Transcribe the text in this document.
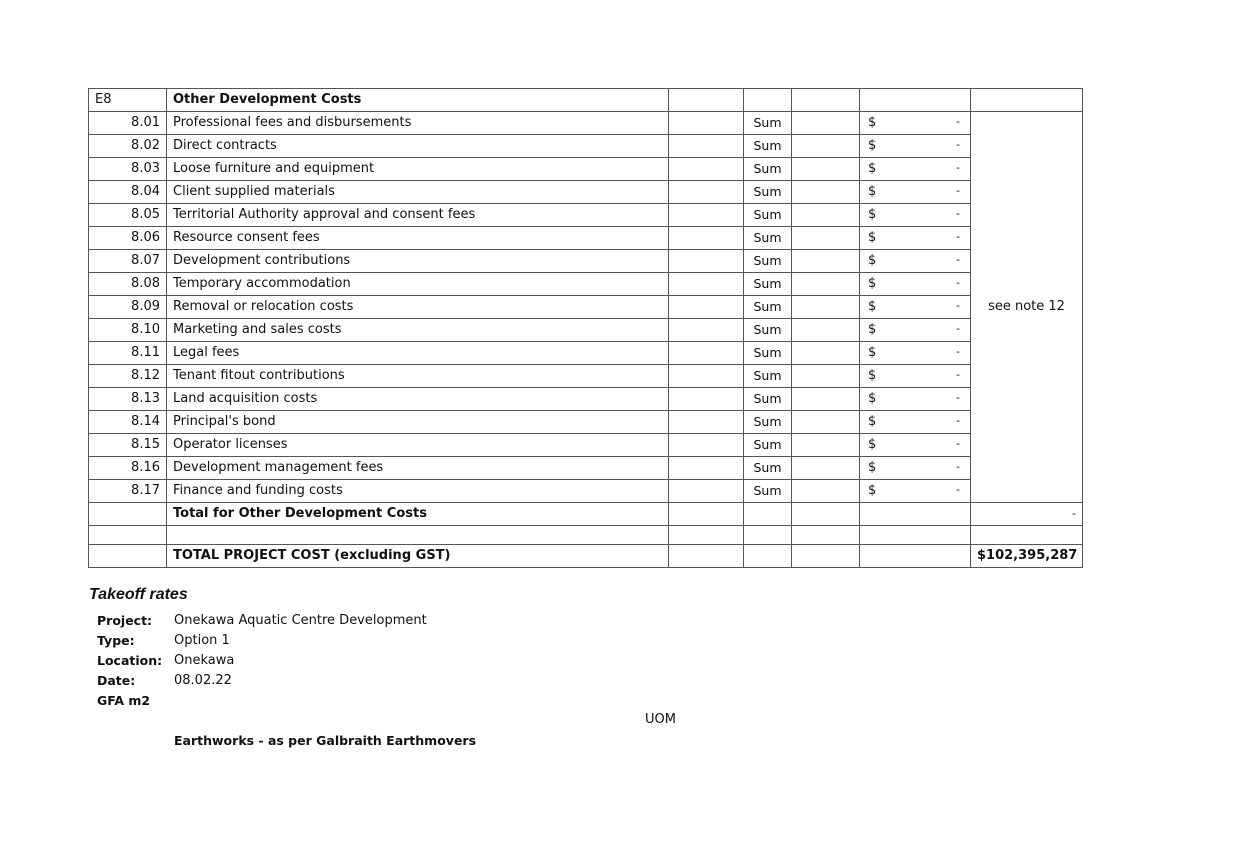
E8	Other Development Costs					
8.01	Professional fees and disbursements		Sum		$ -	see note 12
8.02	Direct contracts		Sum		$ -	

8.03	Loose furniture and equipment		Sum		$ -	

8.04	Client supplied materials		Sum		$ -	

8.05	Territorial Authority approval and consent fees		Sum		$ -	

8.06	Resource consent fees		Sum		$ -	

8.07	Development contributions		Sum		$ -	

8.08	Temporary accommodation		Sum		$ -	

8.09	Removal or relocation costs		Sum		$ -	

8.10	Marketing and sales costs		Sum		$ -	

8.11	Legal fees		Sum		$ -	

8.12	Tenant fitout contributions		Sum		$ -	

8.13	Land acquisition costs		Sum		$ -	

8.14	Principal's bond		Sum		$ -	

8.15	Operator licenses		Sum		$ -	

8.16	Development management fees		Sum		$ -	

8.17	Finance and funding costs		Sum		$ -	

	Total for Other Development Costs					-

	TOTAL PROJECT COST (excluding GST)					$102,395,287
Takeoff rates
Project: Onekawa Aquatic Centre Development
Type:	Option 1
Location: Onekawa
Date:	08.02.22
GFA m2
UOM
Earthworks - as per Galbraith Earthmovers
